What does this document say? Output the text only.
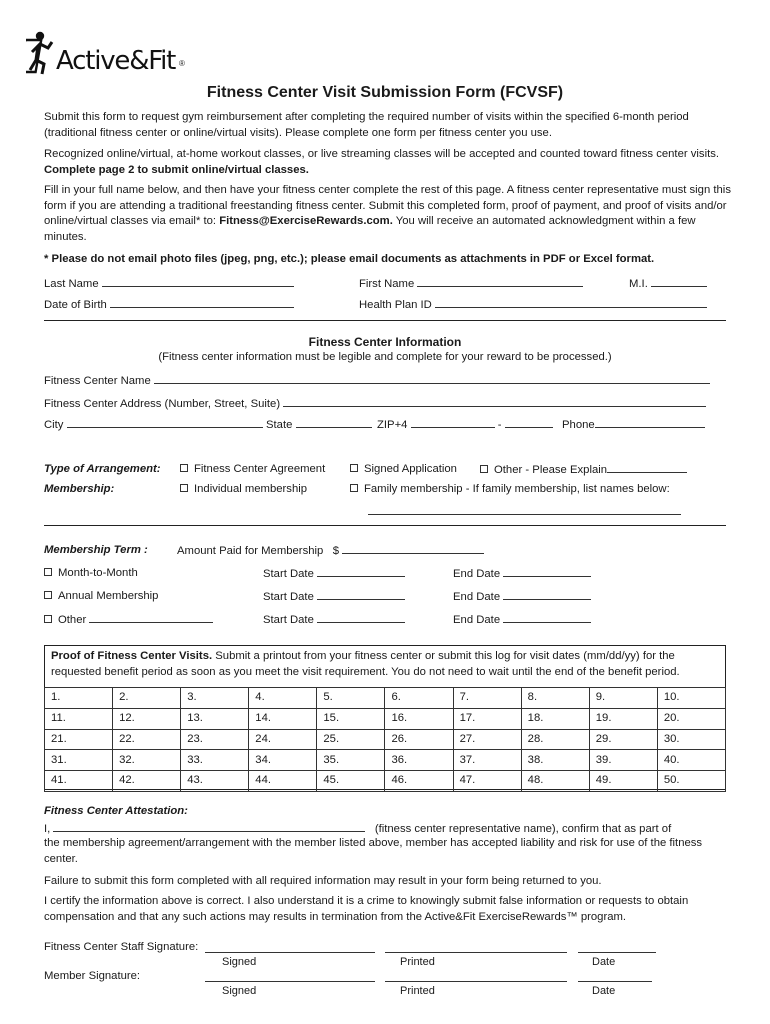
Active&Fit ®
Fitness Center Visit Submission Form (FCVSF)
Submit this form to request gym reimbursement after completing the required number of visits within the specified 6-month period (traditional fitness center or online/virtual visits). Please complete one form per fitness center you use.
Recognized online/virtual, at-home workout classes, or live streaming classes will be accepted and counted toward fitness center visits. Complete page 2 to submit online/virtual classes.
Fill in your full name below, and then have your fitness center complete the rest of this page. A fitness center representative must sign this form if you are attending a traditional freestanding fitness center. Submit this completed form, proof of payment, and proof of visits and/or online/virtual classes via email* to: Fitness@ExerciseRewards.com. You will receive an automated acknowledgment within a few minutes.
* Please do not email photo files (jpeg, png, etc.); please email documents as attachments in PDF or Excel format.
Last Name	First Name	M.I.
Date of Birth	Health Plan ID
Fitness Center Information
(Fitness center information must be legible and complete for your reward to be processed.)
Fitness Center Name
Fitness Center Address (Number, Street, Suite)
City	State	ZIP+4	-	Phone
Type of Arrangement:	Fitness Center Agreement	Signed Application	Other - Please Explain
Membership:	Individual membership	Family membership - If family membership, list names below:
Membership Term :	Amount Paid for Membership $
Month-to-Month	Start Date	End Date
Annual Membership	Start Date	End Date
Other	Start Date	End Date
Proof of Fitness Center Visits. Submit a printout from your fitness center or submit this log for visit dates (mm/dd/yy) for the requested benefit period as soon as you meet the visit requirement. You do not need to wait until the end of the benefit period.
1.	2.	3.	4.	5.	6.	7.	8.	9.	10.
11.	12.	13.	14.	15.	16.	17.	18.	19.	20.
21.	22.	23.	24.	25.	26.	27.	28.	29.	30.
31.	32.	33.	34.	35.	36.	37.	38.	39.	40.
41.	42.	43.	44.	45.	46.	47.	48.	49.	50.
Fitness Center Attestation:
I,	(fitness center representative name), confirm that as part of
the membership agreement/arrangement with the member listed above, member has accepted liability and risk for use of the fitness center.
Failure to submit this form completed with all required information may result in your form being returned to you.
I certify the information above is correct. I also understand it is a crime to knowingly submit false information or requests to obtain compensation and that any such actions may results in termination from the Active&Fit ExerciseRewards™ program.
Fitness Center Staff Signature:
Signed	Printed	Date
Member Signature:
Signed	Printed	Date
